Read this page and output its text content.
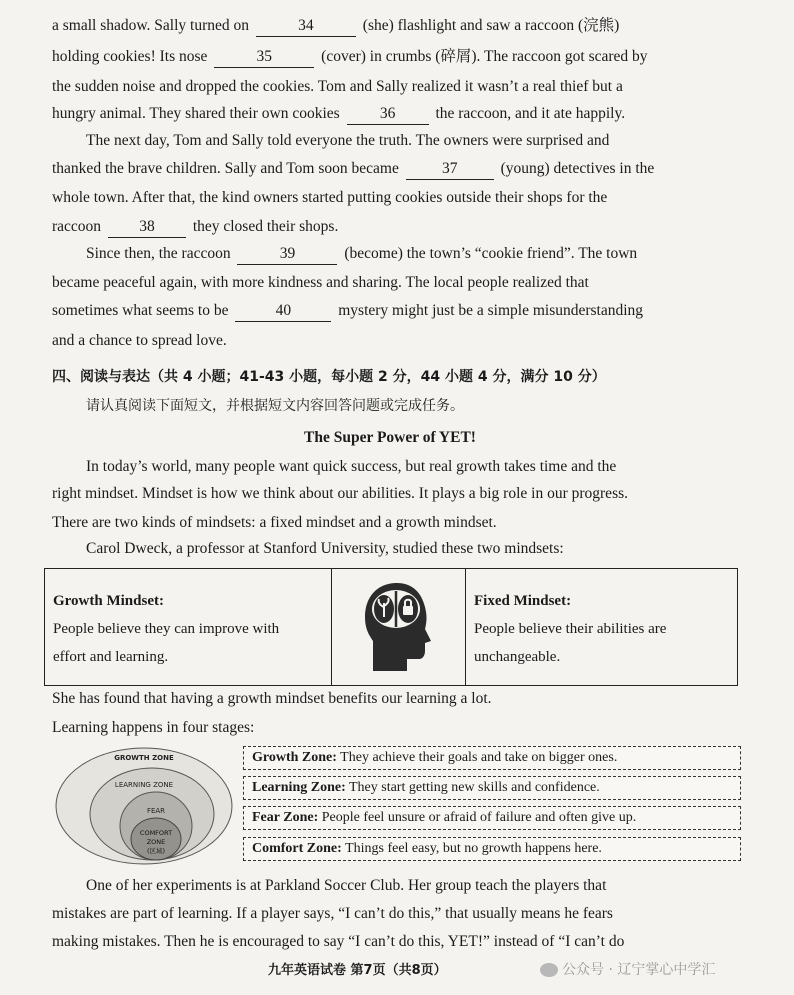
a small shadow. Sally turned on	34	(she) flashlight and saw a raccoon (浣熊)
holding cookies! Its nose	35	(cover) in crumbs (碎屑). The raccoon got scared by
the sudden noise and dropped the cookies. Tom and Sally realized it wasn’t a real thief but a
hungry animal. They shared their own cookies	36	the raccoon, and it ate happily.
The next day, Tom and Sally told everyone the truth. The owners were surprised and
thanked the brave children. Sally and Tom soon became	37	(young) detectives in the
whole town. After that, the kind owners started putting cookies outside their shops for the
raccoon 38 they closed their shops.
Since then, the raccoon	39	(become) the town’s “cookie friend”. The town
became peaceful again, with more kindness and sharing. The local people realized that
sometimes what seems to be	40	mystery might just be a simple misunderstanding
and a chance to spread love.
四、阅读与表达（共 4 小题；41-43 小题，每小题 2 分，44 小题 4 分，满分 10 分）
请认真阅读下面短文，并根据短文内容回答问题或完成任务。
The Super Power of YET!
In today’s world, many people want quick success, but real growth takes time and the
right mindset. Mindset is how we think about our abilities. It plays a big role in our progress.
There are two kinds of mindsets: a fixed mindset and a growth mindset.
Carol Dweck, a professor at Stanford University, studied these two mindsets:
Growth Mindset:
People believe they can improve with
effort and learning.
Fixed Mindset:
People believe their abilities are
unchangeable.
She has found that having a growth mindset benefits our learning a lot.
Learning happens in four stages:
GROWTH ZONE
LEARNING ZONE
FEAR
COMFORT
ZONE
(区域)
Growth Zone: They achieve their goals and take on bigger ones.
Learning Zone: They start getting new skills and confidence.
Fear Zone: People feel unsure or afraid of failure and often give up.
Comfort Zone: Things feel easy, but no growth happens here.
One of her experiments is at Parkland Soccer Club. Her group teach the players that
mistakes are part of learning. If a player says, “I can’t do this,” that usually means he fears
making mistakes. Then he is encouraged to say “I can’t do this, YET!” instead of “I can’t do
九年英语试卷 第7页（共8页）	公众号 · 辽宁掌心中学汇
